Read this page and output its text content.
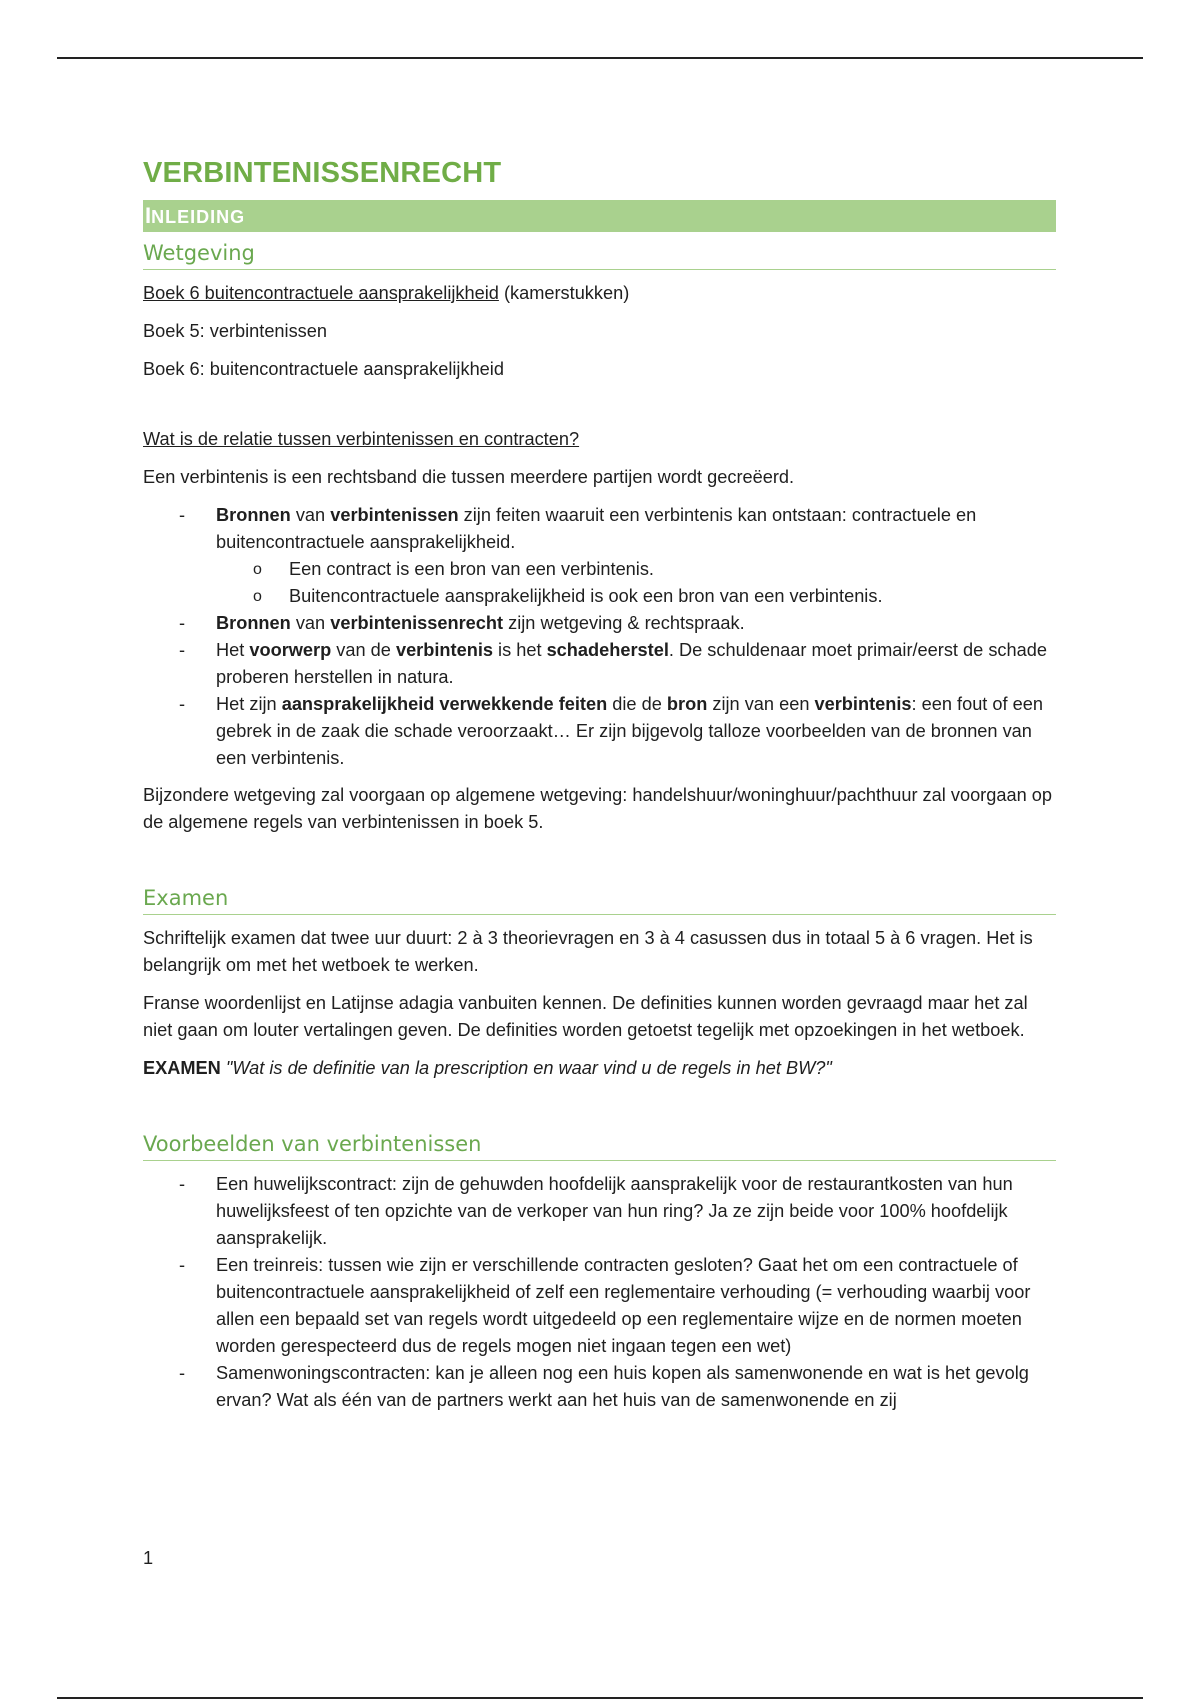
VERBINTENISSENRECHT
INLEIDING
Wetgeving

Boek 6 buitencontractuele aansprakelijkheid (kamerstukken)

Boek 5: verbintenissen

Boek 6: buitencontractuele aansprakelijkheid

Wat is de relatie tussen verbintenissen en contracten?

Een verbintenis is een rechtsband die tussen meerdere partijen wordt gecreëerd.

- Bronnen van verbintenissen zijn feiten waaruit een verbintenis kan ontstaan: contractuele en buitencontractuele aansprakelijkheid.
o Een contract is een bron van een verbintenis.
o Buitencontractuele aansprakelijkheid is ook een bron van een verbintenis.
- Bronnen van verbintenissenrecht zijn wetgeving & rechtspraak.
- Het voorwerp van de verbintenis is het schadeherstel. De schuldenaar moet primair/eerst de schade proberen herstellen in natura.
- Het zijn aansprakelijkheid verwekkende feiten die de bron zijn van een verbintenis: een fout of een gebrek in de zaak die schade veroorzaakt… Er zijn bijgevolg talloze voorbeelden van de bronnen van een verbintenis.

Bijzondere wetgeving zal voorgaan op algemene wetgeving: handelshuur/woninghuur/pachthuur zal voorgaan op de algemene regels van verbintenissen in boek 5.

Examen

Schriftelijk examen dat twee uur duurt: 2 à 3 theorievragen en 3 à 4 casussen dus in totaal 5 à 6 vragen. Het is belangrijk om met het wetboek te werken.

Franse woordenlijst en Latijnse adagia vanbuiten kennen. De definities kunnen worden gevraagd maar het zal niet gaan om louter vertalingen geven. De definities worden getoetst tegelijk met opzoekingen in het wetboek.

EXAMEN "Wat is de definitie van la prescription en waar vind u de regels in het BW?"

Voorbeelden van verbintenissen
- Een huwelijkscontract: zijn de gehuwden hoofdelijk aansprakelijk voor de restaurantkosten van hun huwelijksfeest of ten opzichte van de verkoper van hun ring? Ja ze zijn beide voor 100% hoofdelijk aansprakelijk.
- Een treinreis: tussen wie zijn er verschillende contracten gesloten? Gaat het om een contractuele of buitencontractuele aansprakelijkheid of zelf een reglementaire verhouding (= verhouding waarbij voor allen een bepaald set van regels wordt uitgedeeld op een reglementaire wijze en de normen moeten worden gerespecteerd dus de regels mogen niet ingaan tegen een wet)
- Samenwoningscontracten: kan je alleen nog een huis kopen als samenwonende en wat is het gevolg ervan? Wat als één van de partners werkt aan het huis van de samenwonende en zij
1
